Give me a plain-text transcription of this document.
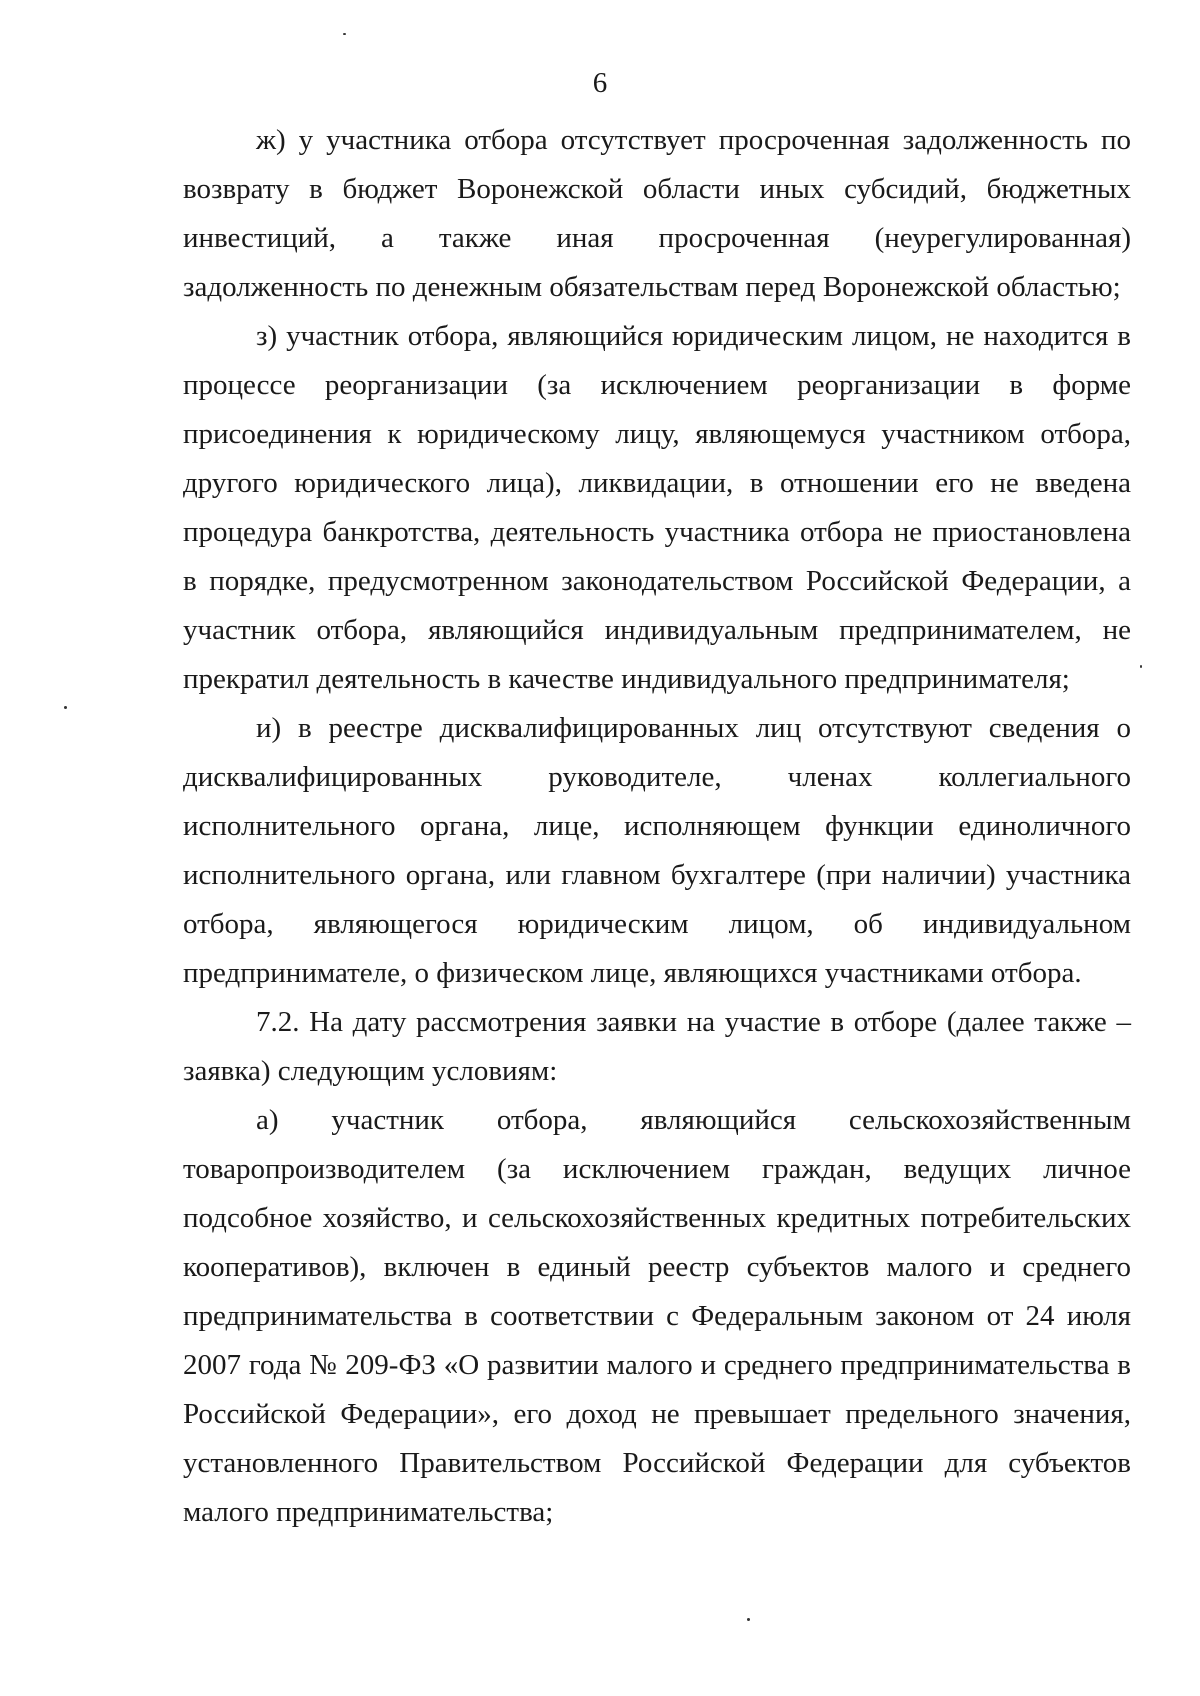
6

ж) у участника отбора отсутствует просроченная задолженность по возврату в бюджет Воронежской области иных субсидий, бюджетных инвестиций, а также иная просроченная (неурегулированная) задолженность по денежным обязательствам перед Воронежской областью;

з) участник отбора, являющийся юридическим лицом, не находится в процессе реорганизации (за исключением реорганизации в форме присоединения к юридическому лицу, являющемуся участником отбора, другого юридического лица), ликвидации, в отношении его не введена процедура банкротства, деятельность участника отбора не приостановлена в порядке, предусмотренном законодательством Российской Федерации, а участник отбора, являющийся индивидуальным предпринимателем, не прекратил деятельность в качестве индивидуального предпринимателя;

и) в реестре дисквалифицированных лиц отсутствуют сведения о дисквалифицированных руководителе, членах коллегиального исполнительного органа, лице, исполняющем функции единоличного исполнительного органа, или главном бухгалтере (при наличии) участника отбора, являющегося юридическим лицом, об индивидуальном предпринимателе, о физическом лице, являющихся участниками отбора.

7.2. На дату рассмотрения заявки на участие в отборе (далее также – заявка) следующим условиям:

а) участник отбора, являющийся сельскохозяйственным товаропроизводителем (за исключением граждан, ведущих личное подсобное хозяйство, и сельскохозяйственных кредитных потребительских кооперативов), включен в единый реестр субъектов малого и среднего предпринимательства в соответствии с Федеральным законом от 24 июля 2007 года № 209-ФЗ «О развитии малого и среднего предпринимательства в Российской Федерации», его доход не превышает предельного значения, установленного Правительством Российской Федерации для субъектов малого предпринимательства;
